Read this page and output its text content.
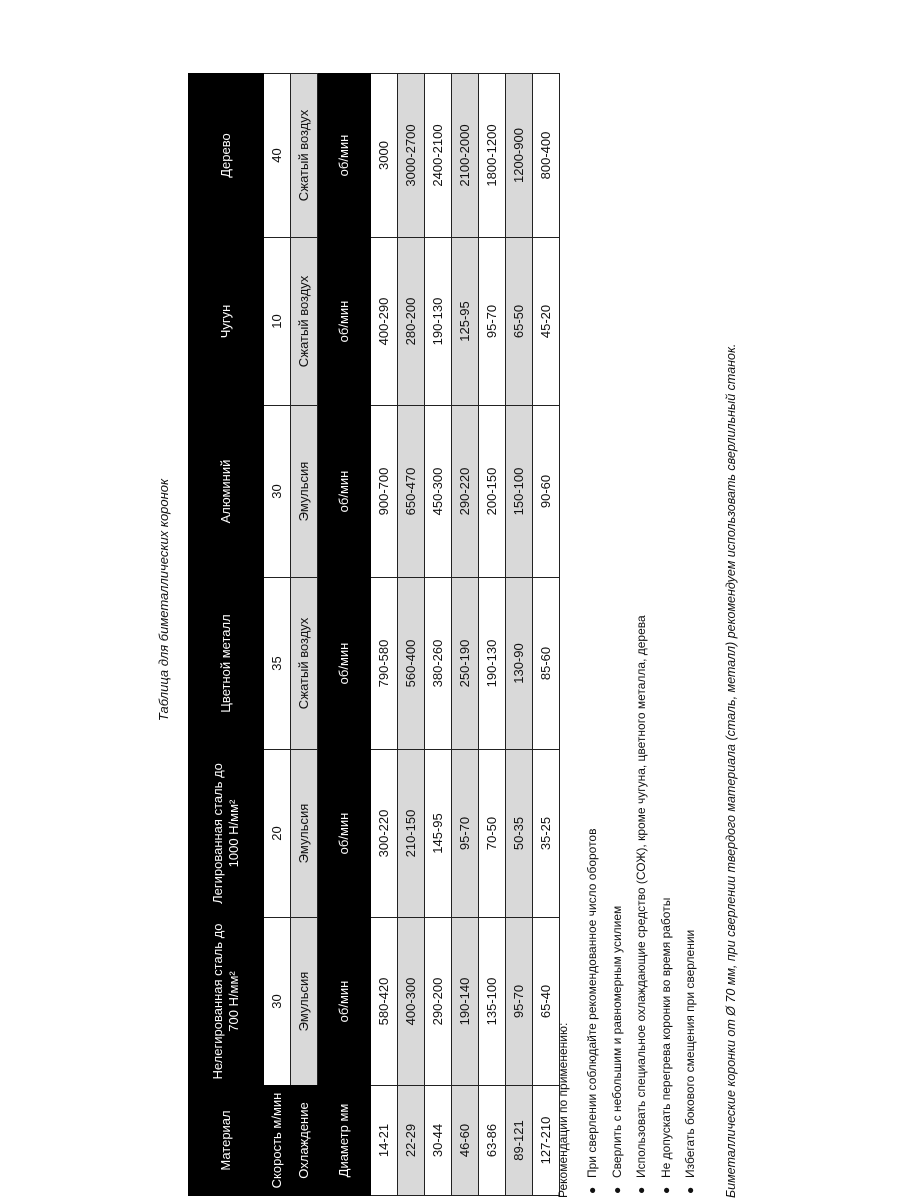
Таблица для биметаллических коронок
Материал	Нелегированная сталь до 700 Н/мм²	Легированная сталь до 1000 Н/мм²	Цветной металл	Алюминий	Чугун	Дерево
Скорость м/мин	30	20	35	30	10	40
Охлаждение	Эмульсия	Эмульсия	Сжатый воздух	Эмульсия	Сжатый воздух	Сжатый воздух
Диаметр мм	об/мин	об/мин	об/мин	об/мин	об/мин	об/мин
14-21	580-420	300-220	790-580	900-700	400-290	3000
22-29	400-300	210-150	560-400	650-470	280-200	3000-2700
30-44	290-200	145-95	380-260	450-300	190-130	2400-2100
46-60	190-140	95-70	250-190	290-220	125-95	2100-2000
63-86	135-100	70-50	190-130	200-150	95-70	1800-1200
89-121	95-70	50-35	130-90	150-100	65-50	1200-900
127-210	65-40	35-25	85-60	90-60	45-20	800-400
Рекомендации по применению:	●
При сверлении соблюдайте рекомендованное число оборотов
●
Сверлить с небольшим и равномерным усилием
●
Использовать специальное охлаждающие средство (СОЖ), кроме чугуна, цветного металла, дерева
●
Не допускать перегрева коронки во время работы
●
Избегать бокового смещения при сверлении	Биметаллические коронки от Ø 70 мм, при сверлении твердого материала (сталь, металл) рекомендуем использовать сверлильный станок.
